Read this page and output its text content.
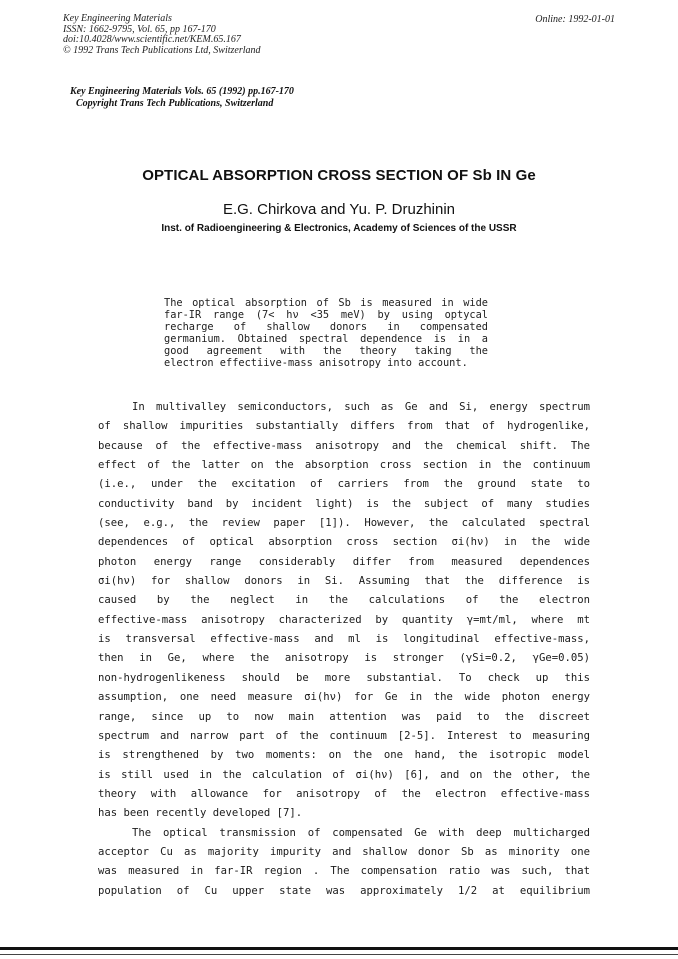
Key Engineering Materials
ISSN: 1662-9795, Vol. 65, pp 167-170
doi:10.4028/www.scientific.net/KEM.65.167
© 1992 Trans Tech Publications Ltd, Switzerland
Online: 1992-01-01
Key Engineering Materials Vols. 65 (1992) pp.167-170
Copyright Trans Tech Publications, Switzerland
OPTICAL ABSORPTION CROSS SECTION OF Sb IN Ge
E.G. Chirkova and Yu. P. Druzhinin
Inst. of Radioengineering & Electronics, Academy of Sciences of the USSR
The optical absorption of Sb is measured in wide
far-IR range (7< hν <35 meV) by using optycal
recharge of shallow donors in compensated
germanium. Obtained spectral dependence is in a
good agreement with the theory taking the
electron effectiive-mass anisotropy into account.
In multivalley semiconductors, such as Ge and Si, energy spectrum
of shallow impurities substantially differs from that of hydrogenlike,
because of the effective-mass anisotropy and the chemical shift. The
effect of the latter on the absorption cross section in the continuum
(i.e., under the excitation of carriers from the ground state to
conductivity band by incident light) is the subject of many studies
(see, e.g., the review paper [1]). However, the calculated spectral
dependences of optical absorption cross section σi(hν) in the wide
photon energy range considerably differ from measured dependences
σi(hν) for shallow donors in Si. Assuming that the difference is
caused by the neglect in the calculations of the electron
effective-mass anisotropy characterized by quantity γ=mt/ml, where mt
is transversal effective-mass and ml is longitudinal effective-mass,
then in Ge, where the anisotropy is stronger (γSi=0.2, γGe=0.05)
non-hydrogenlikeness should be more substantial. To check up this
assumption, one need measure σi(hν) for Ge in the wide photon energy
range, since up to now main attention was paid to the discreet
spectrum and narrow part of the continuum [2-5]. Interest to measuring
is strengthened by two moments: on the one hand, the isotropic model
is still used in the calculation of σi(hν) [6], and on the other, the
theory with allowance for anisotropy of the electron effective-mass
has been recently developed [7].
The optical transmission of compensated Ge with deep multicharged
acceptor Cu as majority impurity and shallow donor Sb as minority one
was measured in far-IR region . The compensation ratio was such, that
population of Cu upper state was approximately 1/2 at equilibrium
